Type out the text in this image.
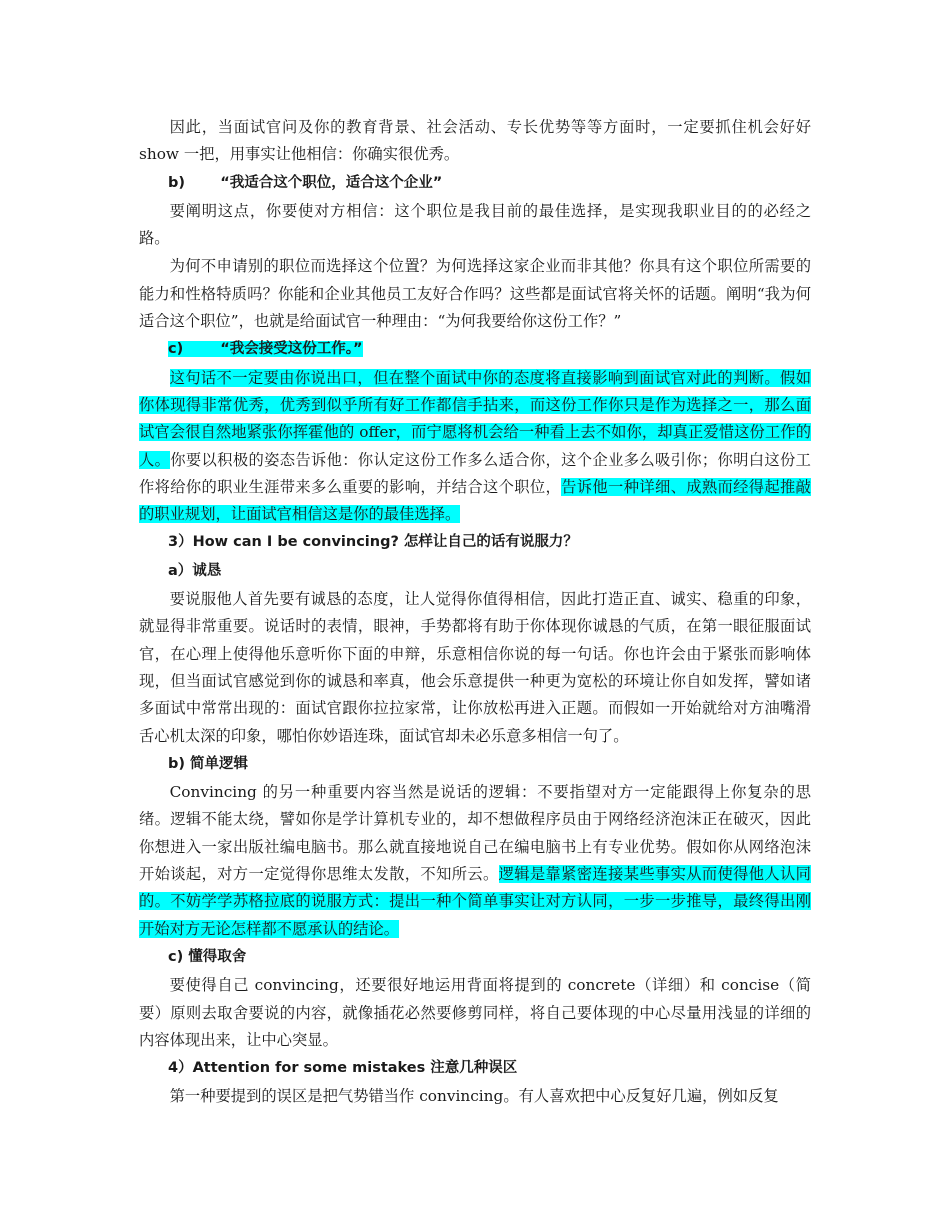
因此，当面试官问及你的教育背景、社会活动、专长优势等等方面时，一定要抓住机会好好 show 一把，用事实让他相信：你确实很优秀。

b) “我适合这个职位，适合这个企业”

要阐明这点，你要使对方相信：这个职位是我目前的最佳选择，是实现我职业目的的必经之路。

为何不申请别的职位而选择这个位置？为何选择这家企业而非其他？你具有这个职位所需要的能力和性格特质吗？你能和企业其他员工友好合作吗？这些都是面试官将关怀的话题。阐明“我为何适合这个职位”，也就是给面试官一种理由：“为何我要给你这份工作？”

c)	“我会接受这份工作。”

这句话不一定要由你说出口，但在整个面试中你的态度将直接影响到面试官对此的判断。假如你体现得非常优秀，优秀到似乎所有好工作都信手拈来，而这份工作你只是作为选择之一，那么面试官会很自然地紧张你挥霍他的 offer，而宁愿将机会给一种看上去不如你，却真正爱惜这份工作的人。你要以积极的姿态告诉他：你认定这份工作多么适合你，这个企业多么吸引你；你明白这份工作将给你的职业生涯带来多么重要的影响，并结合这个职位，告诉他一种详细、成熟而经得起推敲的职业规划，让面试官相信这是你的最佳选择。

3）How can I be convincing? 怎样让自己的话有说服力？

a）诚恳

要说服他人首先要有诚恳的态度，让人觉得你值得相信，因此打造正直、诚实、稳重的印象，就显得非常重要。说话时的表情，眼神，手势都将有助于你体现你诚恳的气质，在第一眼征服面试官，在心理上使得他乐意听你下面的申辩，乐意相信你说的每一句话。你也许会由于紧张而影响体现，但当面试官感觉到你的诚恳和率真，他会乐意提供一种更为宽松的环境让你自如发挥，譬如诸多面试中常常出现的：面试官跟你拉拉家常，让你放松再进入正题。而假如一开始就给对方油嘴滑舌心机太深的印象，哪怕你妙语连珠，面试官却未必乐意多相信一句了。

b) 简单逻辑

Convincing 的另一种重要内容当然是说话的逻辑：不要指望对方一定能跟得上你复杂的思绪。逻辑不能太绕，譬如你是学计算机专业的，却不想做程序员由于网络经济泡沫正在破灭，因此你想进入一家出版社编电脑书。那么就直接地说自己在编电脑书上有专业优势。假如你从网络泡沫开始谈起，对方一定觉得你思维太发散，不知所云。逻辑是靠紧密连接某些事实从而使得他人认同的。不妨学学苏格拉底的说服方式：提出一种个简单事实让对方认同，一步一步推导，最终得出刚开始对方无论怎样都不愿承认的结论。

c) 懂得取舍

要使得自己 convincing，还要很好地运用背面将提到的 concrete（详细）和 concise（简要）原则去取舍要说的内容，就像插花必然要修剪同样，将自己要体现的中心尽量用浅显的详细的内容体现出来，让中心突显。

4）Attention for some mistakes 注意几种误区

第一种要提到的误区是把气势错当作 convincing。有人喜欢把中心反复好几遍，例如反复
